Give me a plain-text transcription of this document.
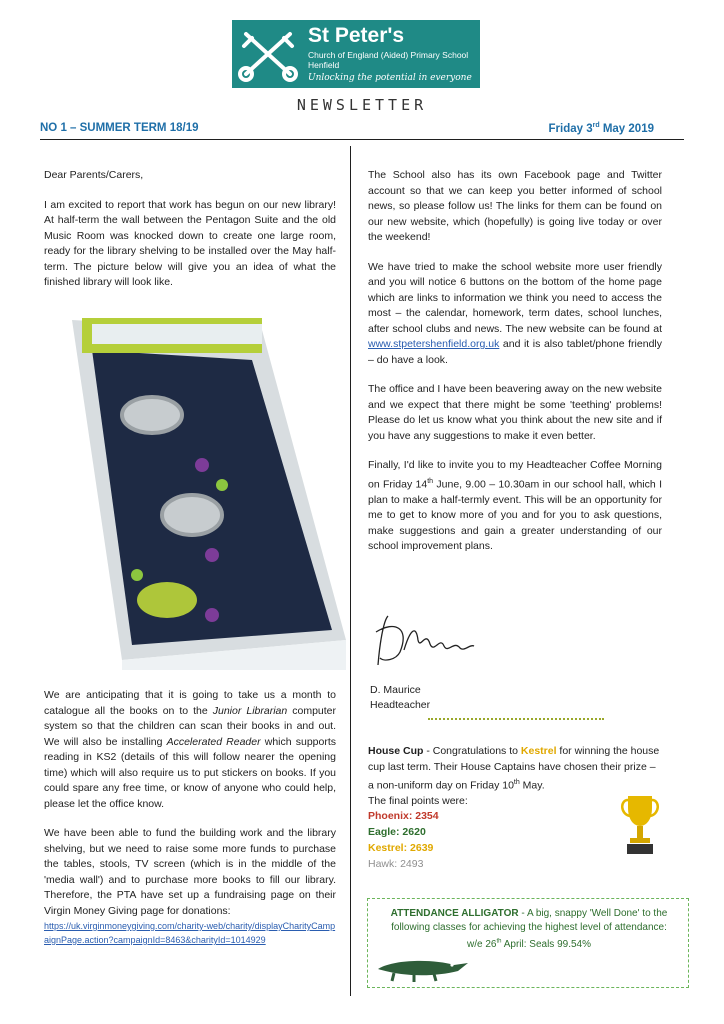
St Peter's
Church of England (Aided) Primary School
Henfield
Unlocking the potential in everyone
NEWSLETTER
NO 1 – SUMMER TERM 18/19	Friday 3rd May 2019

Dear Parents/Carers,

I am excited to report that work has begun on our new library! At half-term the wall between the Pentagon Suite and the old Music Room was knocked down to create one large room, ready for the library shelving to be installed over the May half-term. The picture below will give you an idea of what the finished library will look like.

We are anticipating that it is going to take us a month to catalogue all the books on to the Junior Librarian computer system so that the children can scan their books in and out. We will also be installing Accelerated Reader which supports reading in KS2 (details of this will follow nearer the opening time) which will also require us to put stickers on books. If you could spare any free time, or know of anyone who could help, please let the office know.

We have been able to fund the building work and the library shelving, but we need to raise some more funds to purchase the tables, stools, TV screen (which is in the middle of the 'media wall') and to purchase more books to fill our library. Therefore, the PTA have set up a fundraising page on their Virgin Money Giving page for donations:

https://uk.virginmoneygiving.com/charity-web/charity/displayCharityCampaignPage.action?campaignId=8463&charityId=1014929

The School also has its own Facebook page and Twitter account so that we can keep you better informed of school news, so please follow us! The links for them can be found on our new website, which (hopefully) is going live today or over the weekend!

We have tried to make the school website more user friendly and you will notice 6 buttons on the bottom of the home page which are links to information we think you need to access the most – the calendar, homework, term dates, school lunches, after school clubs and news. The new website can be found at www.stpetershenfield.org.uk and it is also tablet/phone friendly – do have a look.

The office and I have been beavering away on the new website and we expect that there might be some 'teething' problems! Please do let us know what you think about the new site and if you have any suggestions to make it even better.

Finally, I'd like to invite you to my Headteacher Coffee Morning on Friday 14th June, 9.00 – 10.30am in our school hall, which I plan to make a half-termly event. This will be an opportunity for me to get to know more of you and for you to ask questions, make suggestions and gain a greater understanding of our school improvement plans.

D. Maurice
Headteacher
House Cup - Congratulations to Kestrel for winning the house cup last term. Their House Captains have chosen their prize – a non-uniform day on Friday 10th May.
The final points were:
Phoenix: 2354
Eagle: 2620
Kestrel: 2639
Hawk: 2493
ATTENDANCE ALLIGATOR - A big, snappy 'Well Done' to the following classes for achieving the highest level of attendance:
w/e 26th April: Seals 99.54%
